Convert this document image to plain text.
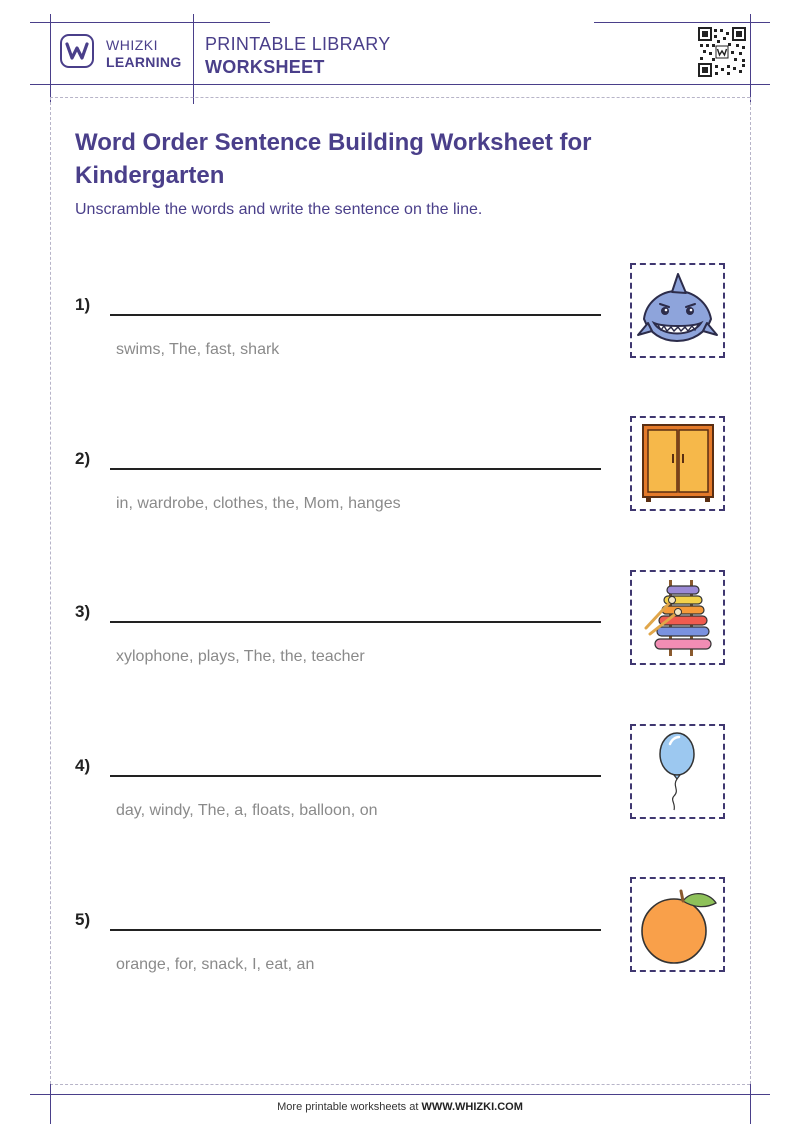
WHIZKI
LEARNING
PRINTABLE LIBRARY
WORKSHEET
Word Order Sentence Building Worksheet for Kindergarten
Unscramble the words and write the sentence on the line.
1)
swims, The, fast, shark
2)
in, wardrobe, clothes, the, Mom, hanges
3)
xylophone, plays, The, the, teacher
4)
day, windy, The, a, floats, balloon, on
5)
orange, for, snack, I, eat, an
More printable worksheets at WWW.WHIZKI.COM
